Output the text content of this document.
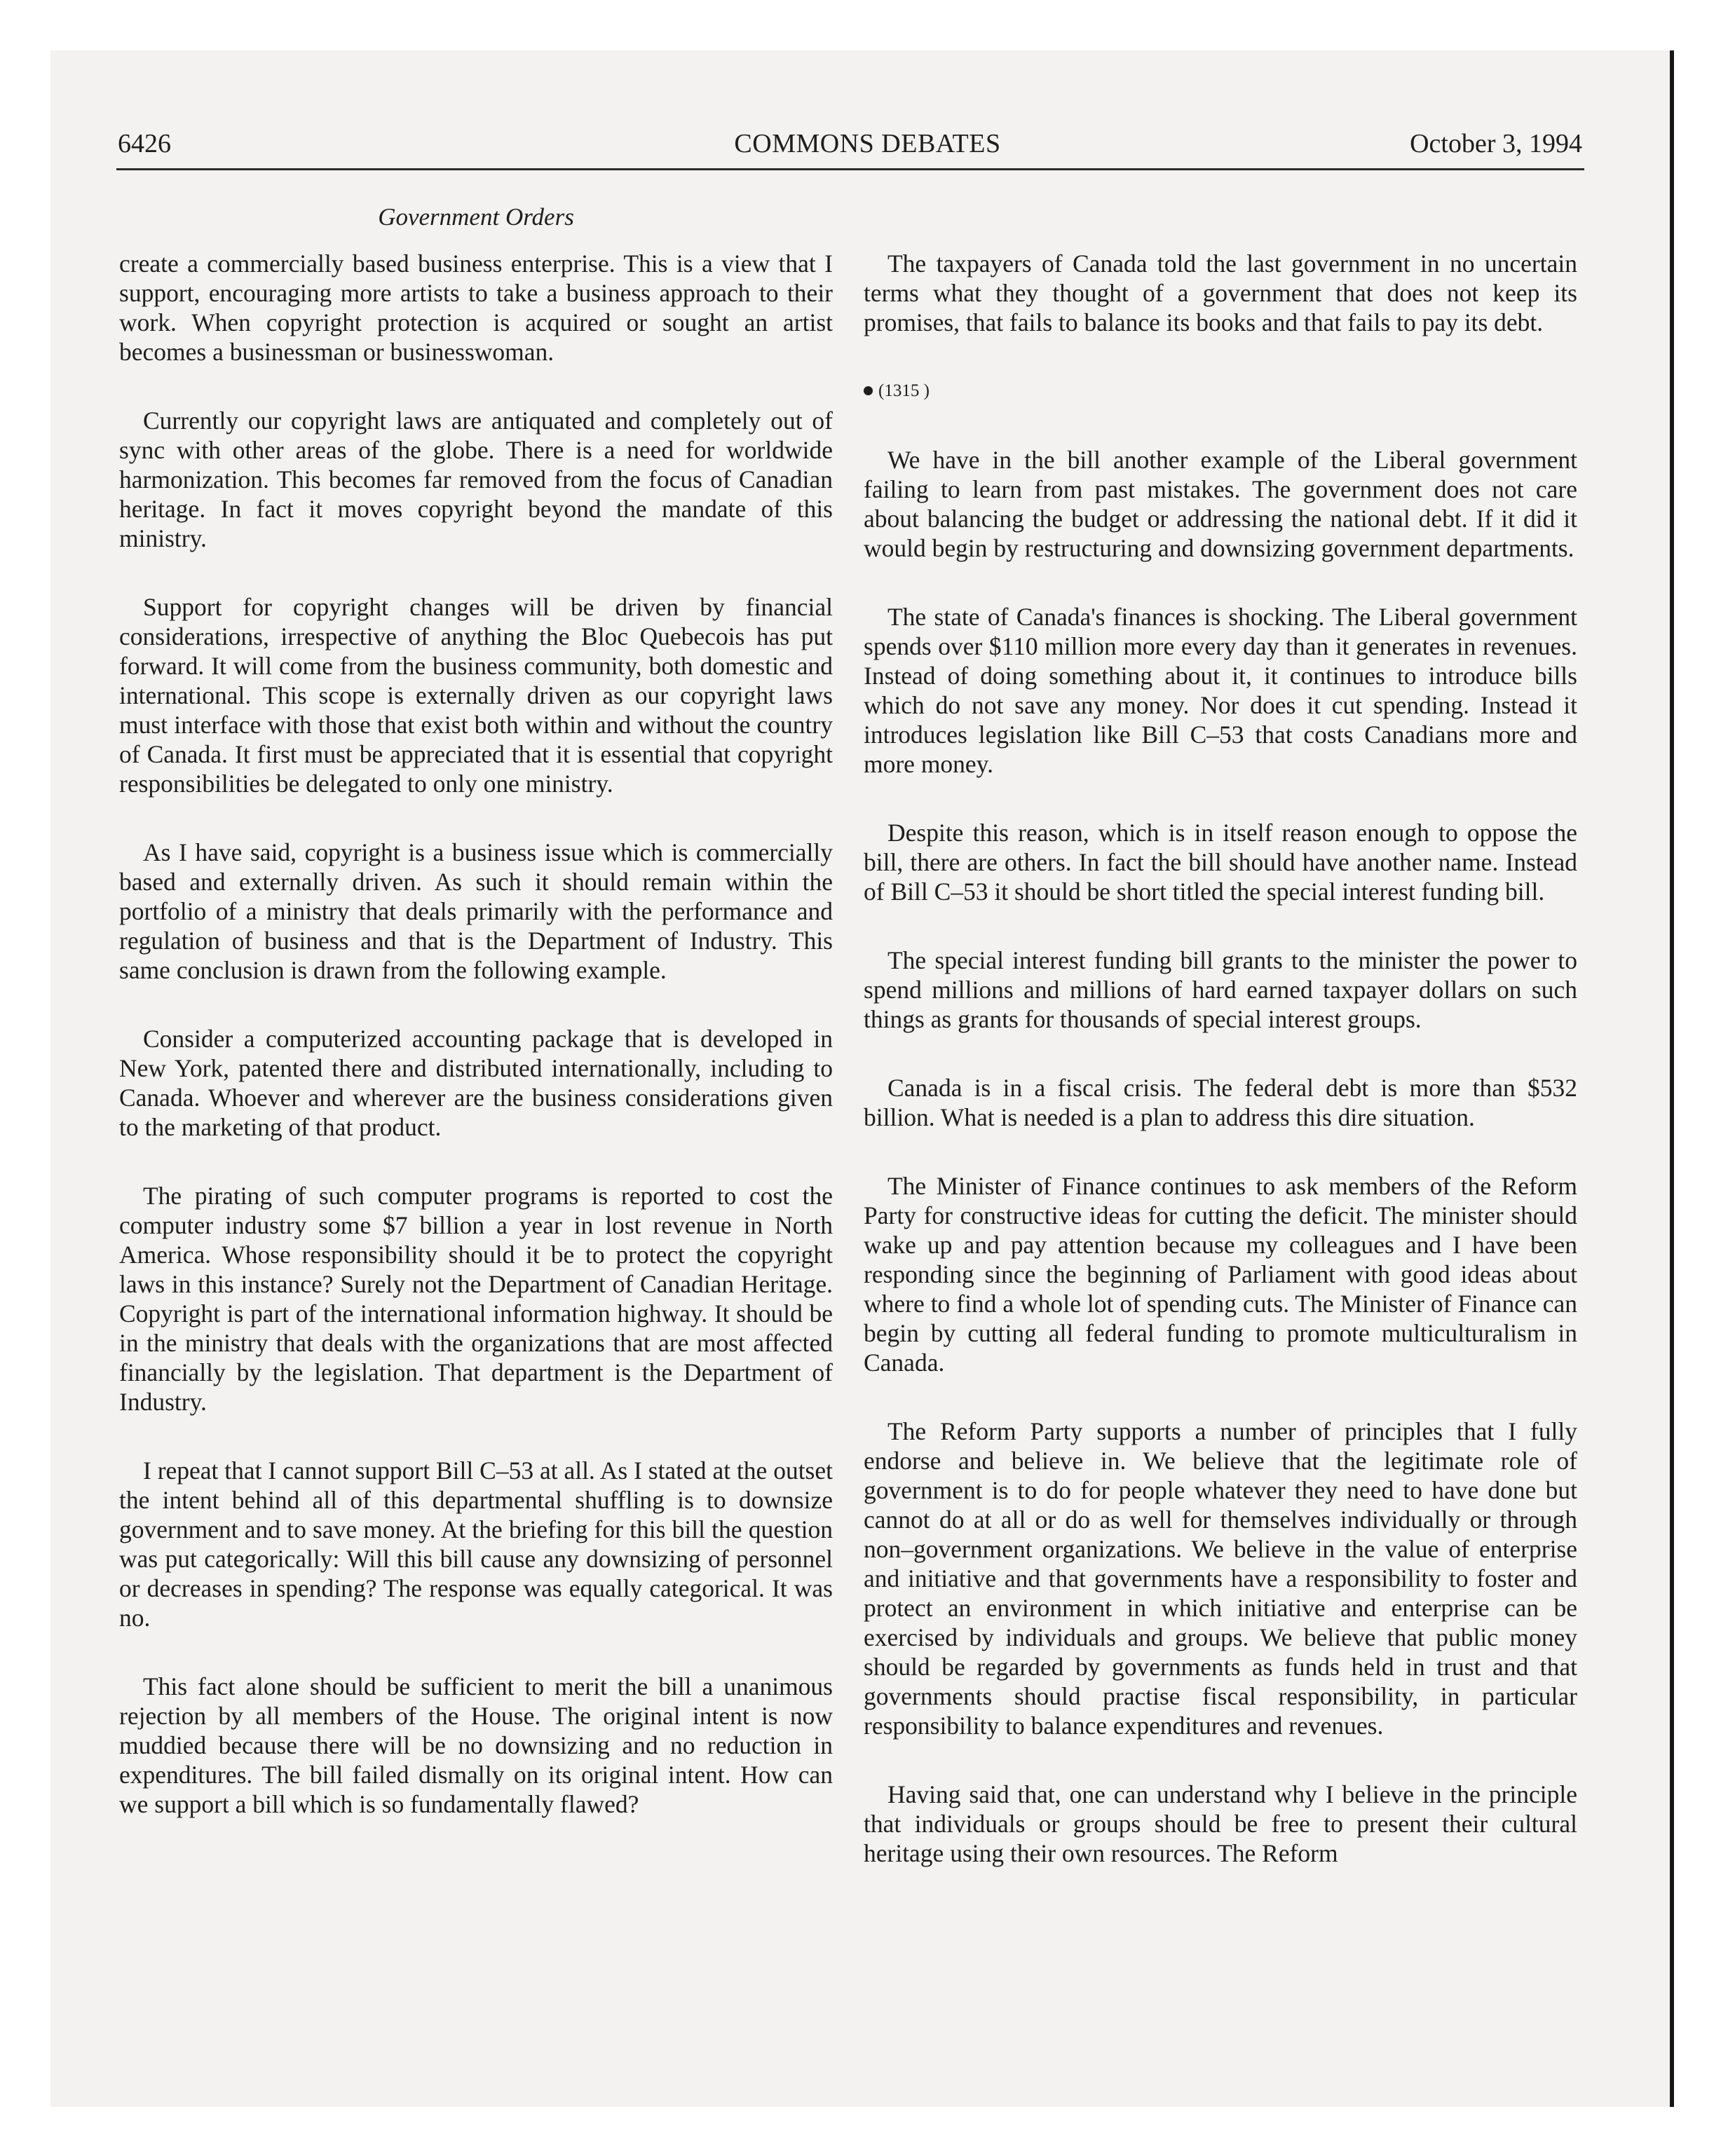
6426	COMMONS DEBATES	October 3, 1994
Government Orders

create a commercially based business enterprise. This is a view that I support, encouraging more artists to take a business approach to their work. When copyright protection is acquired or sought an artist becomes a businessman or businesswoman.

Currently our copyright laws are antiquated and completely out of sync with other areas of the globe. There is a need for worldwide harmonization. This becomes far removed from the focus of Canadian heritage. In fact it moves copyright beyond the mandate of this ministry.

Support for copyright changes will be driven by financial considerations, irrespective of anything the Bloc Quebecois has put forward. It will come from the business community, both domestic and international. This scope is externally driven as our copyright laws must interface with those that exist both within and without the country of Canada. It first must be appreciated that it is essential that copyright responsibilities be delegated to only one ministry.

As I have said, copyright is a business issue which is commercially based and externally driven. As such it should remain within the portfolio of a ministry that deals primarily with the performance and regulation of business and that is the Department of Industry. This same conclusion is drawn from the following example.

Consider a computerized accounting package that is developed in New York, patented there and distributed internationally, including to Canada. Whoever and wherever are the business considerations given to the marketing of that product.

The pirating of such computer programs is reported to cost the computer industry some $7 billion a year in lost revenue in North America. Whose responsibility should it be to protect the copyright laws in this instance? Surely not the Department of Canadian Heritage. Copyright is part of the international information highway. It should be in the ministry that deals with the organizations that are most affected financially by the legislation. That department is the Department of Industry.

I repeat that I cannot support Bill C–53 at all. As I stated at the outset the intent behind all of this departmental shuffling is to downsize government and to save money. At the briefing for this bill the question was put categorically: Will this bill cause any downsizing of personnel or decreases in spending? The response was equally categorical. It was no.

This fact alone should be sufficient to merit the bill a unanimous rejection by all members of the House. The original intent is now muddied because there will be no downsizing and no reduction in expenditures. The bill failed dismally on its original intent. How can we support a bill which is so fundamentally flawed?

The taxpayers of Canada told the last government in no uncertain terms what they thought of a government that does not keep its promises, that fails to balance its books and that fails to pay its debt.

(1315 )

We have in the bill another example of the Liberal government failing to learn from past mistakes. The government does not care about balancing the budget or addressing the national debt. If it did it would begin by restructuring and downsizing government departments.

The state of Canada's finances is shocking. The Liberal government spends over $110 million more every day than it generates in revenues. Instead of doing something about it, it continues to introduce bills which do not save any money. Nor does it cut spending. Instead it introduces legislation like Bill C–53 that costs Canadians more and more money.

Despite this reason, which is in itself reason enough to oppose the bill, there are others. In fact the bill should have another name. Instead of Bill C–53 it should be short titled the special interest funding bill.

The special interest funding bill grants to the minister the power to spend millions and millions of hard earned taxpayer dollars on such things as grants for thousands of special interest groups.

Canada is in a fiscal crisis. The federal debt is more than $532 billion. What is needed is a plan to address this dire situation.

The Minister of Finance continues to ask members of the Reform Party for constructive ideas for cutting the deficit. The minister should wake up and pay attention because my colleagues and I have been responding since the beginning of Parliament with good ideas about where to find a whole lot of spending cuts. The Minister of Finance can begin by cutting all federal funding to promote multiculturalism in Canada.

The Reform Party supports a number of principles that I fully endorse and believe in. We believe that the legitimate role of government is to do for people whatever they need to have done but cannot do at all or do as well for themselves individually or through non–government organizations. We believe in the value of enterprise and initiative and that governments have a responsibility to foster and protect an environment in which initiative and enterprise can be exercised by individuals and groups. We believe that public money should be regarded by governments as funds held in trust and that governments should practise fiscal responsibility, in particular responsibility to balance expenditures and revenues.

Having said that, one can understand why I believe in the principle that individuals or groups should be free to present their cultural heritage using their own resources. The Reform
